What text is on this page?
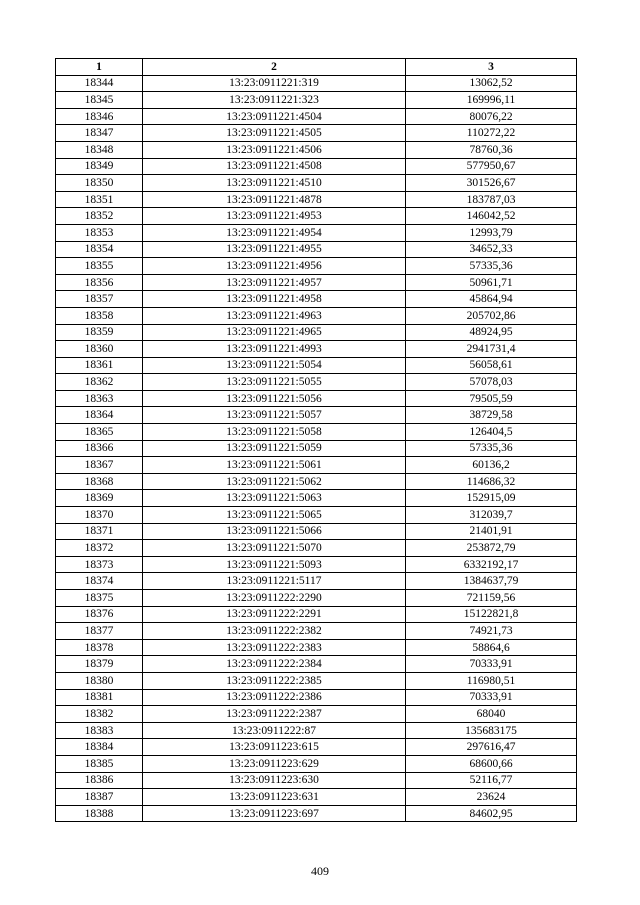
1	2	3
18344	13:23:0911221:319	13062,52
18345	13:23:0911221:323	169996,11
18346	13:23:0911221:4504	80076,22
18347	13:23:0911221:4505	110272,22
18348	13:23:0911221:4506	78760,36
18349	13:23:0911221:4508	577950,67
18350	13:23:0911221:4510	301526,67
18351	13:23:0911221:4878	183787,03
18352	13:23:0911221:4953	146042,52
18353	13:23:0911221:4954	12993,79
18354	13:23:0911221:4955	34652,33
18355	13:23:0911221:4956	57335,36
18356	13:23:0911221:4957	50961,71
18357	13:23:0911221:4958	45864,94
18358	13:23:0911221:4963	205702,86
18359	13:23:0911221:4965	48924,95
18360	13:23:0911221:4993	2941731,4
18361	13:23:0911221:5054	56058,61
18362	13:23:0911221:5055	57078,03
18363	13:23:0911221:5056	79505,59
18364	13:23:0911221:5057	38729,58
18365	13:23:0911221:5058	126404,5
18366	13:23:0911221:5059	57335,36
18367	13:23:0911221:5061	60136,2
18368	13:23:0911221:5062	114686,32
18369	13:23:0911221:5063	152915,09
18370	13:23:0911221:5065	312039,7
18371	13:23:0911221:5066	21401,91
18372	13:23:0911221:5070	253872,79
18373	13:23:0911221:5093	6332192,17
18374	13:23:0911221:5117	1384637,79
18375	13:23:0911222:2290	721159,56
18376	13:23:0911222:2291	15122821,8
18377	13:23:0911222:2382	74921,73
18378	13:23:0911222:2383	58864,6
18379	13:23:0911222:2384	70333,91
18380	13:23:0911222:2385	116980,51
18381	13:23:0911222:2386	70333,91
18382	13:23:0911222:2387	68040
18383	13:23:0911222:87	135683175
18384	13:23:0911223:615	297616,47
18385	13:23:0911223:629	68600,66
18386	13:23:0911223:630	52116,77
18387	13:23:0911223:631	23624
18388	13:23:0911223:697	84602,95
409
